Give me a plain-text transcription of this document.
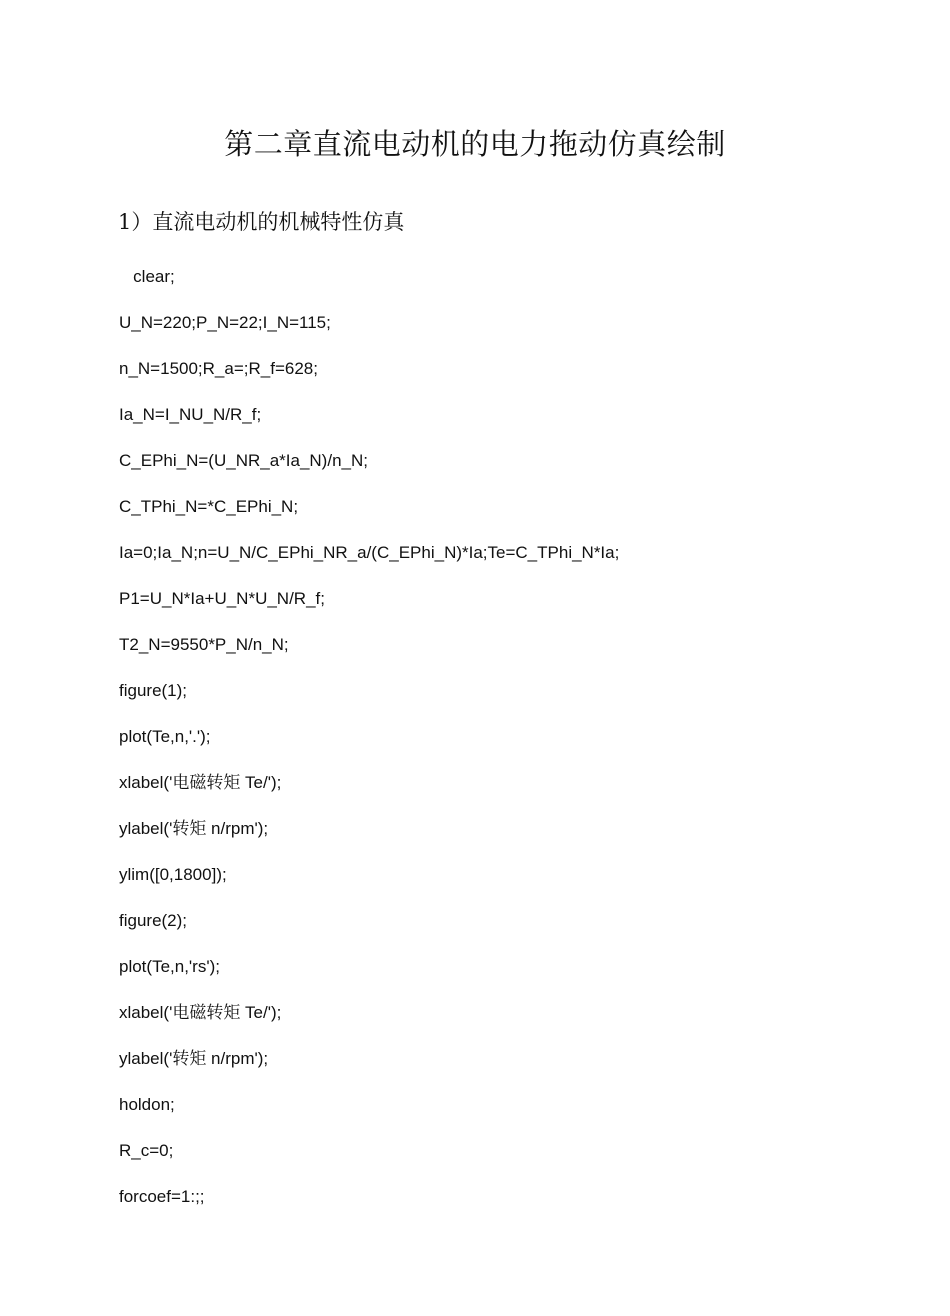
第二章直流电动机的电力拖动仿真绘制
1）直流电动机的机械特性仿真
clear;
U_N=220;P_N=22;I_N=115;
n_N=1500;R_a=;R_f=628;
Ia_N=I_NU_N/R_f;
C_EPhi_N=(U_NR_a*Ia_N)/n_N;
C_TPhi_N=*C_EPhi_N;
Ia=0;Ia_N;n=U_N/C_EPhi_NR_a/(C_EPhi_N)*Ia;Te=C_TPhi_N*Ia;
P1=U_N*Ia+U_N*U_N/R_f;
T2_N=9550*P_N/n_N;
figure(1);
plot(Te,n,'.');
xlabel('电磁转矩 Te/');
ylabel('转矩 n/rpm');
ylim([0,1800]);
figure(2);
plot(Te,n,'rs');
xlabel('电磁转矩 Te/');
ylabel('转矩 n/rpm');
holdon;
R_c=0;
forcoef=1:;;
